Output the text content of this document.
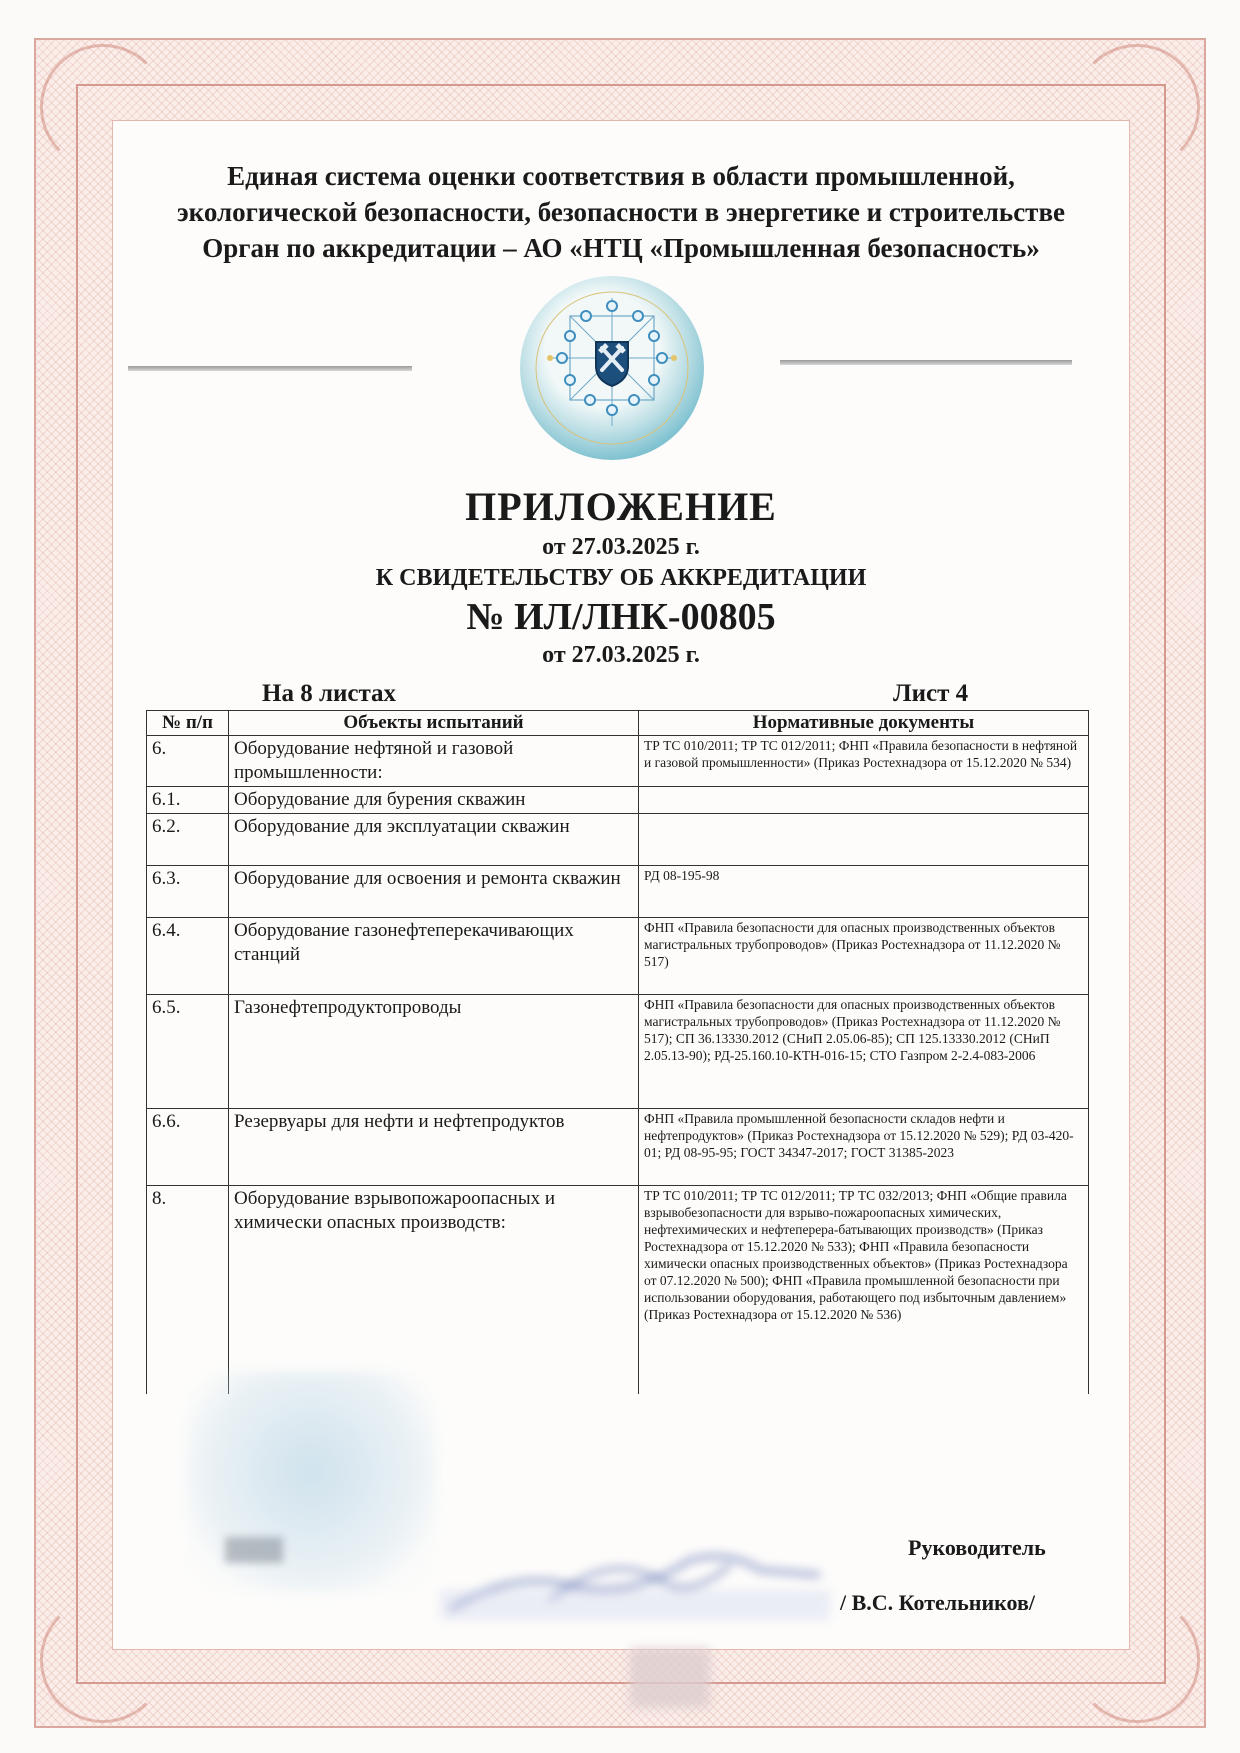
Единая система оценки соответствия в области промышленной,
экологической безопасности, безопасности в энергетике и строительстве
Орган по аккредитации – АО «НТЦ «Промышленная безопасность»
ПРИЛОЖЕНИЕ
от 27.03.2025 г.
К СВИДЕТЕЛЬСТВУ ОБ АККРЕДИТАЦИИ
№ ИЛ/ЛНК-00805
от 27.03.2025 г.
На 8 листах	Лист 4
№ п/п	Объекты испытаний	Нормативные документы
6.	Оборудование нефтяной и газовой промышленности:	ТР ТС 010/2011; ТР ТС 012/2011; ФНП «Правила безопасности в нефтяной и газовой промышленности» (Приказ Ростехнадзора от 15.12.2020 № 534)
6.1.	Оборудование для бурения скважин	
6.2.	Оборудование для эксплуатации скважин	
6.3.	Оборудование для освоения и ремонта скважин	РД 08-195-98
6.4.	Оборудование газонефтеперекачивающих станций	ФНП «Правила безопасности для опасных производственных объектов магистральных трубопроводов» (Приказ Ростехнадзора от 11.12.2020 № 517)
6.5.	Газонефтепродуктопроводы	ФНП «Правила безопасности для опасных производственных объектов магистральных трубопроводов» (Приказ Ростехнадзора от 11.12.2020 № 517); СП 36.13330.2012 (СНиП 2.05.06-85); СП 125.13330.2012 (СНиП 2.05.13-90); РД-25.160.10-КТН-016-15; СТО Газпром 2-2.4-083-2006
6.6.	Резервуары для нефти и нефтепродуктов	ФНП «Правила промышленной безопасности складов нефти и нефтепродуктов» (Приказ Ростехнадзора от 15.12.2020 № 529); РД 03-420-01; РД 08-95-95; ГОСТ 34347-2017; ГОСТ 31385-2023
8.	Оборудование взрывопожароопасных и химически опасных производств:	ТР ТС 010/2011; ТР ТС 012/2011; ТР ТС 032/2013; ФНП «Общие правила взрывобезопасности для взрыво-пожароопасных химических, нефтехимических и нефтеперера-батывающих производств» (Приказ Ростехнадзора от 15.12.2020 № 533); ФНП «Правила безопасности химически опасных производственных объектов» (Приказ Ростехнадзора от 07.12.2020 № 500); ФНП «Правила промышленной безопасности при использовании оборудования, работающего под избыточным давлением» (Приказ Ростехнадзора от 15.12.2020 № 536)
Руководитель
/ В.С. Котельников/
